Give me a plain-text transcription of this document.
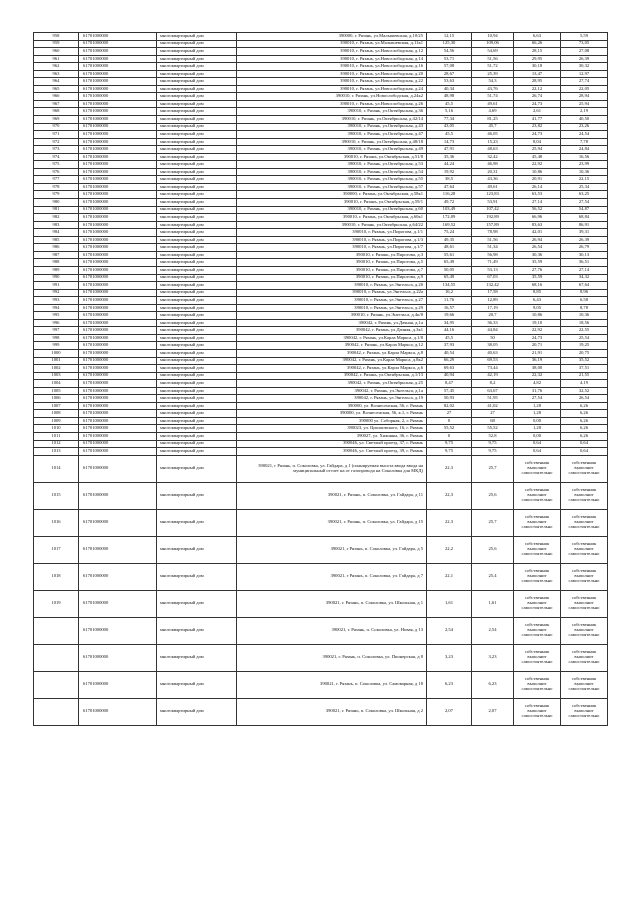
958	61701000000	многоквартирный дом	390000, г. Рязань, ул.Малышевская, д.10/25	12,15	10,94	6,63	5,59
959	61701000000	многоквартирный дом	390010, г. Рязань, ул.Малышевская, д.11к1	125,30	109,06	66,26	73,05
960	61701000000	многоквартирный дом	390010, г. Рязань, ул.Новослободская, д.12	54,56	54,69	28,15	27,08
961	61701000000	многоквартирный дом	390010, г. Рязань, ул.Новослободская, д.14	53,71	51,56	29,95	26,39
962	61701000000	многоквартирный дом	390010, г. Рязань, ул.Новослободская, д.16	57,08	51,72	30,18	30,32
963	61701000000	многоквартирный дом	390010, г. Рязань, ул.Новослободская, д.20	28,67	25,39	13,47	12,97
964	61701000000	многоквартирный дом	390010, г. Рязань, ул.Новослободская, д.22	53,63	54,3	28,95	27,74
965	61701000000	многоквартирный дом	390010, г. Рязань, ул.Новослободская, д.24	40,34	43,76	22,12	22,05
966	61701000000	многоквартирный дом	390010, г. Рязань, ул.Новослободская, д.24к2	48,98	51,74	26,74	28,94
967	61701000000	многоквартирный дом	390010, г. Рязань, ул.Новослободская, д.26	45,5	49,61	24,73	25,94
968	61701000000	многоквартирный дом	390010, г. Рязань, ул.Октябрьская, д.36	5,16	4,69	2,61	2,19
969	61701000000	многоквартирный дом	390010, г. Рязань, ул.Октябрьская, д.42/14	77,34	81,25	41,77	40,50
970	61701000000	многоквартирный дом	390010, г. Рязань, ул.Октябрьская, д.43	43,05	45,7	23,82	23,26
971	61701000000	многоквартирный дом	390010, г. Рязань, ул.Октябрьская, д.47	45,5	46,05	24,73	24,54
972	61701000000	многоквартирный дом	390010, г. Рязань, ул.Октябрьская, д.48/18	14,73	15,23	8,04	7,78
973	61701000000	многоквартирный дом	390010, г. Рязань, ул.Октябрьская, д.49	47,91	48,63	25,94	24,84
974	61701000000	многоквартирный дом	390010, г. Рязань, ул.Октябрьская, д.51/8	35,36	32,42	45,48	16,56
975	61701000000	многоквартирный дом	390010, г. Рязань, ул.Октябрьская, д.53	44,24	46,98	22,92	23,99
976	61701000000	многоквартирный дом	390010, г. Рязань, ул.Октябрьская, д.54	19,92	20,31	10,86	10,36
977	61701000000	многоквартирный дом	390010, г. Рязань, ул.Октябрьская, д.55	38,5	43,36	20,91	22,15
978	61701000000	многоквартирный дом	390010, г. Рязань, ул.Октябрьская, д.57	47,64	49,61	26,14	25,34
979	61701000000	многоквартирный дом	390000, г. Рязань, ул.Октябрьская, д.58к1	116,28	123,83	63,53	63,25
980	61701000000	многоквартирный дом	390010, г. Рязань, ул.Октябрьская, д.59/1	49,72	53,91	27,14	27,54
981	61701000000	многоквартирный дом	390010, г. Рязань, ул.Октябрьская, д.60	103,49	107,42	56,52	54,87
982	61701000000	многоквартирный дом	390010, г. Рязань, ул.Октябрьская, д.60к1	172,09	192,89	66,96	68,84
983	61701000000	многоквартирный дом	390010, г. Рязань, ул.Октябрьская, д.64/22	169,52	157,89	83,63	86,91
984	61701000000	многоквартирный дом	390010, г. Рязань, ул.Пирогова, д.1/1	75,24	78,98	42,01	39,31
985	61701000000	многоквартирный дом	390010, г. Рязань, ул.Пирогова, д.1/3	49,35	51,56	26,94	26,39
986	61701000000	многоквартирный дом	390010, г. Рязань, ул.Пирогова, д.1/7	48,61	51,34	26,54	26,79
987	61701000000	многоквартирный дом	390010, г. Рязань, ул.Пирогова, д.3	55,61	56,98	30,36	30,13
988	61701000000	многоквартирный дом	390010, г. Рязань, ул.Пирогова, д.5	65,49	71,49	35,59	36,51
989	61701000000	многоквартирный дом	390010, г. Рязань, ул.Пирогова, д.7	50,05	53,13	27,76	27,14
990	61701000000	многоквартирный дом	390010, г. Рязань, ул.Пирогова, д.9	65,49	67,03	35,59	34,32
991	61701000000	многоквартирный дом	390010, г. Рязань, ул.Энгельса, д.20	134,55	132,42	68,16	67,64
992	61701000000	многоквартирный дом	390010, г. Рязань, ул.Энгельса, д.22а	16,2	17,58	8,85	8,96
993	61701000000	многоквартирный дом	390010, г. Рязань, ул.Энгельса, д.27	11,76	12,89	6,43	6,58
994	61701000000	многоквартирный дом	390010, г. Рязань, ул.Энгельса, д.29	16,57	17,19	9,05	8,78
995	61701000000	многоквартирный дом	390010, г. Рязань, ул.Энгельса, д.4к/8	19,66	20,7	10,86	10,36
996	61701000000	многоквартирный дом	390042, г. Рязань, ул.Дачная, д.1а	34,95	36,33	19,10	18,56
997	61701000000	многоквартирный дом	390042, г. Рязань, ул.Дачная, д.3к1	44,16	44,84	22,92	22,55
998	61701000000	многоквартирный дом	390042, г. Рязань, ул.Карла Маркса, д.1/8	45,5	50	24,73	25,54
999	61701000000	многоквартирный дом	390042, г. Рязань, ул.Карла Маркса, д.12	37,93	38,05	20,71	19,25
1000	61701000000	многоквартирный дом	390042, г. Рязань, ул.Карла Маркса, д.8	40,54	40,63	21,91	20,75
1001	61701000000	многоквартирный дом	390042, г. Рязань, ул.Карла Маркса, д.8к2	66,29	69,53	36,19	35,52
1002	61701000000	многоквартирный дом	390042, г. Рязань, ул.Карла Маркса, д.6	69,63	73,44	38,00	37,51
1003	61701000000	многоквартирный дом	390042, г. Рязань, ул.Октябрьская, д.1/13	40,94	42,19	22,32	21,55
1004	61701000000	многоквартирный дом	390042, г. Рязань, ул.Октябрьская, д.25	8,47	8,2	4,82	4,19
1005	61701000000	многоквартирный дом	390042, г. Рязань, ул.Энгельса, д.1а	57,45	63,67	31,76	32,52
1006	61701000000	многоквартирный дом	390042, г. Рязань, ул.Энгельса, д.19	50,93	51,95	27,54	26,54
1007	61701000000	многоквартирный дом	390000, ул. Вознесенская, 56, г. Рязань	82,02	41,02	1,28	6,26
1008	61701000000	многоквартирный дом	390000, ул. Вознесенская, 56, к.1, г. Рязань	27	27	1,28	6,26
1009	61701000000	многоквартирный дом	390000 ул. Соборная, 2, г. Рязань	0	68	0,00	6,26
1010	61701000000	многоквартирный дом	390023, ул. Циолковского, 16, г. Рязань	55,52	55,52	1,28	6,26
1011	61701000000	многоквартирный дом	390027, ул. Хижняка, 36, г. Рязань	0	52,8	0,00	6,26
1012	61701000000	многоквартирный дом	390046, ул. Светлый проезд, 37, г. Рязань	9,75	9,75	0,64	0,64
1013	61701000000	многоквартирный дом	390046, ул. Светлый проезд, 39, г. Рязань	9,75	9,75	0,64	0,64
1014	61701000000	многоквартирный дом	390021, г Рязань, п. Соколовка, ул. Гайдара, д 1 (планируемая высота ввода ввода на муниципальный отсчет на от газопровода на Соколовка для МКД)	22,3	25,7	собственник выполнит самостоятельно	собственник выполнит самостоятельно
1015	61701000000	многоквартирный дом	390021, г. Рязань, п. Соколовка, ул. Гайдара, д 11	22,3	25,6	собственник выполнит самостоятельно	собственник выполнит самостоятельно
1016	61701000000	многоквартирный дом	390021, г. Рязань, п. Соколовка, ул. Гайдара, д 15	22,3	25,7	собственник выполнит самостоятельно	собственник выполнит самостоятельно
1017	61701000000	многоквартирный дом	390021, г Рязань, п. Соколовка, ул. Гайдара, д 5	22,2	25,6	собственник выполнит самостоятельно	собственник выполнит самостоятельно
1018	61701000000	многоквартирный дом	390021, г Рязань, п. Соколовка, ул. Гайдара, д 7	22,1	25,4	собственник выполнит самостоятельно	собственник выполнит самостоятельно
1019	61701000000	многоквартирный дом	390021, г. Рязань, п. Соколовка, ул. Школьная, д 1	1,61	1,61	собственник выполнит самостоятельно	собственник выполнит самостоятельно
	61701000000	многоквартирный дом	390021, г. Рязань, п. Соколовка, ул. Новая, д 13	2,54	2,54	собственник выполнит самостоятельно	собственник выполнит самостоятельно
	61701000000	многоквартирный дом	390021, г. Рязань, п. Соколовка, ул. Пионерская, д 8	3,23	3,23	собственник выполнит самостоятельно	собственник выполнит самостоятельно
	61701000000	многоквартирный дом	390021, г. Рязань, п. Соколовка, ул. Самоварная, д 18	6,23	6,23	собственник выполнит самостоятельно	собственник выполнит самостоятельно
	61701000000	многоквартирный дом	390021, г. Рязань, п. Соколовка, ул. Школьная, д 2	2,07	2,07	собственник выполнит самостоятельно	собственник выполнит самостоятельно
